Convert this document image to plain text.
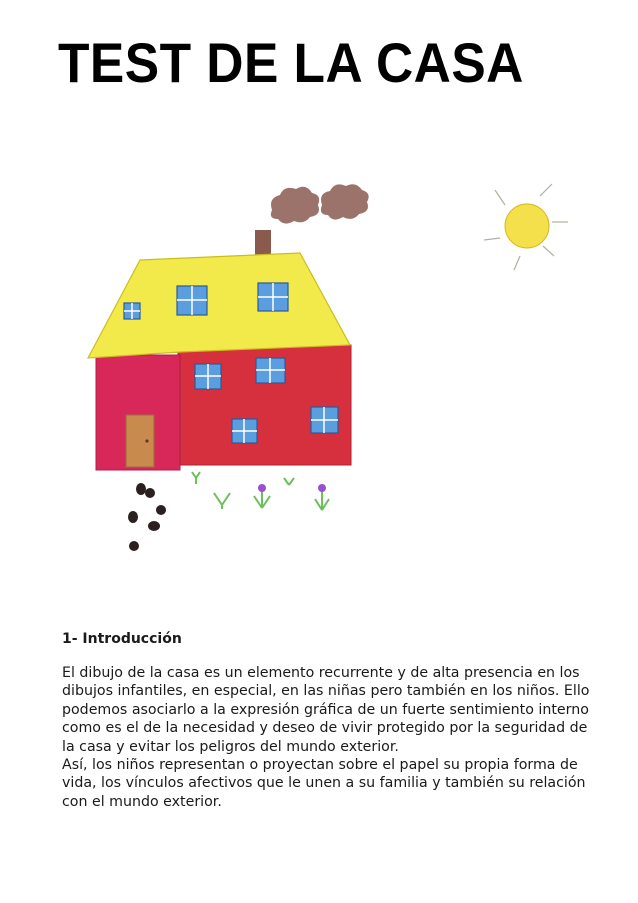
TEST DE LA CASA
1- Introducción

El dibujo de la casa es un elemento recurrente y de alta presencia en los dibujos infantiles, en especial, en las niñas pero también en los niños. Ello podemos asociarlo a la expresión gráfica de un fuerte sentimiento interno como es el de la necesidad y deseo de vivir protegido por la seguridad de la casa y evitar los peligros del mundo exterior.

Así, los niños representan o proyectan sobre el papel su propia forma de vida, los vínculos afectivos que le unen a su familia y también su relación con el mundo exterior.
